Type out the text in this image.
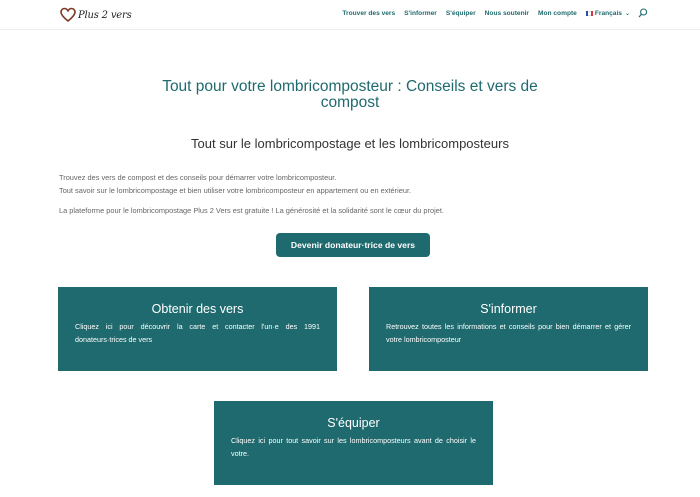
Plus 2 vers	Trouver des vers S'informer S'équiper Nous soutenir Mon compte	Français ⌄
Tout pour votre lombricomposteur : Conseils et vers de compost
Tout sur le lombricompostage et les lombricomposteurs

Trouvez des vers de compost et des conseils pour démarrer votre lombricomposteur.

Tout savoir sur le lombricompostage et bien utiliser votre lombricomposteur en appartement ou en extérieur.

La plateforme pour le lombricompostage Plus 2 Vers est gratuite ! La générosité et la solidarité sont le cœur du projet.

Devenir donateur·trice de vers
Obtenir des vers
Cliquez ici pour découvrir la carte et contacter l'un·e des 1991 donateurs·trices de vers
S'informer
Retrouvez toutes les informations et conseils pour bien démarrer et gérer votre lombricomposteur
S'équiper
Cliquez ici pour tout savoir sur les lombricomposteurs avant de choisir le votre.
